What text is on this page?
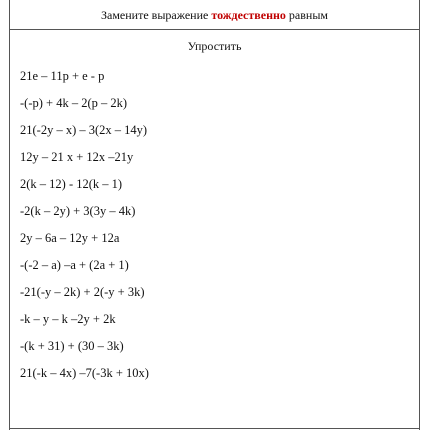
Замените выражение тождественно равным
Упростить
21e – 11p + e - p
-(-p) + 4k – 2(p – 2k)
21(-2y – x) – 3(2x – 14y)
12y – 21 x + 12x –21y
2(k – 12) - 12(k – 1)
-2(k – 2y) + 3(3y – 4k)
2y – 6a – 12y + 12a
-(-2 – a) –a + (2a + 1)
-21(-y – 2k) + 2(-y + 3k)
-k – y – k –2y + 2k
-(k + 31) + (30 – 3k)
21(-k – 4x) –7(-3k + 10x)
